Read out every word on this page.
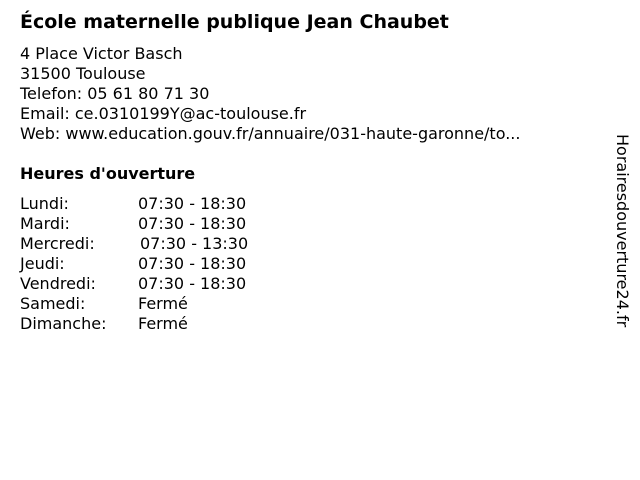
École maternelle publique Jean Chaubet
4 Place Victor Basch
31500 Toulouse
Telefon: 05 61 80 71 30
Email: ce.0310199Y@ac-toulouse.fr
Web: www.education.gouv.fr/annuaire/031-haute-garonne/to...
Heures d'ouverture
Lundi:	07:30 - 18:30
Mardi:	07:30 - 18:30
Mercredi:	07:30 - 13:30
Jeudi:	07:30 - 18:30
Vendredi:	07:30 - 18:30
Samedi:	Fermé
Dimanche: Fermé	Horairesdouverture24.fr
